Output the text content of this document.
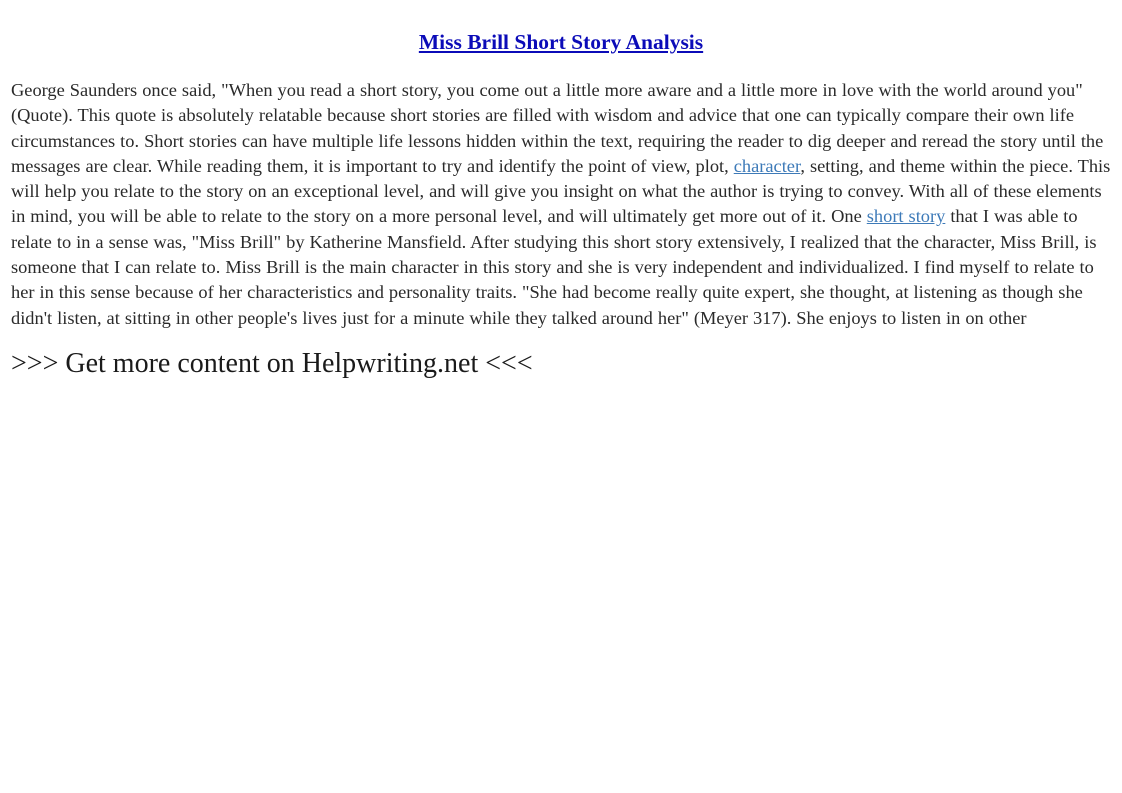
Miss Brill Short Story Analysis

George Saunders once said, "When you read a short story, you come out a little more aware and a little more in love with the world around you" (Quote). This quote is absolutely relatable because short stories are filled with wisdom and advice that one can typically compare their own life circumstances to. Short stories can have multiple life lessons hidden within the text, requiring the reader to dig deeper and reread the story until the messages are clear. While reading them, it is important to try and identify the point of view, plot, character, setting, and theme within the piece. This will help you relate to the story on an exceptional level, and will give you insight on what the author is trying to convey. With all of these elements in mind, you will be able to relate to the story on a more personal level, and will ultimately get more out of it. One short story that I was able to relate to in a sense was, "Miss Brill" by Katherine Mansfield. After studying this short story extensively, I realized that the character, Miss Brill, is someone that I can relate to. Miss Brill is the main character in this story and she is very independent and individualized. I find myself to relate to her in this sense because of her characteristics and personality traits. "She had become really quite expert, she thought, at listening as though she didn't listen, at sitting in other people's lives just for a minute while they talked around her" (Meyer 317). She enjoys to listen in on other

>>> Get more content on Helpwriting.net <<<
